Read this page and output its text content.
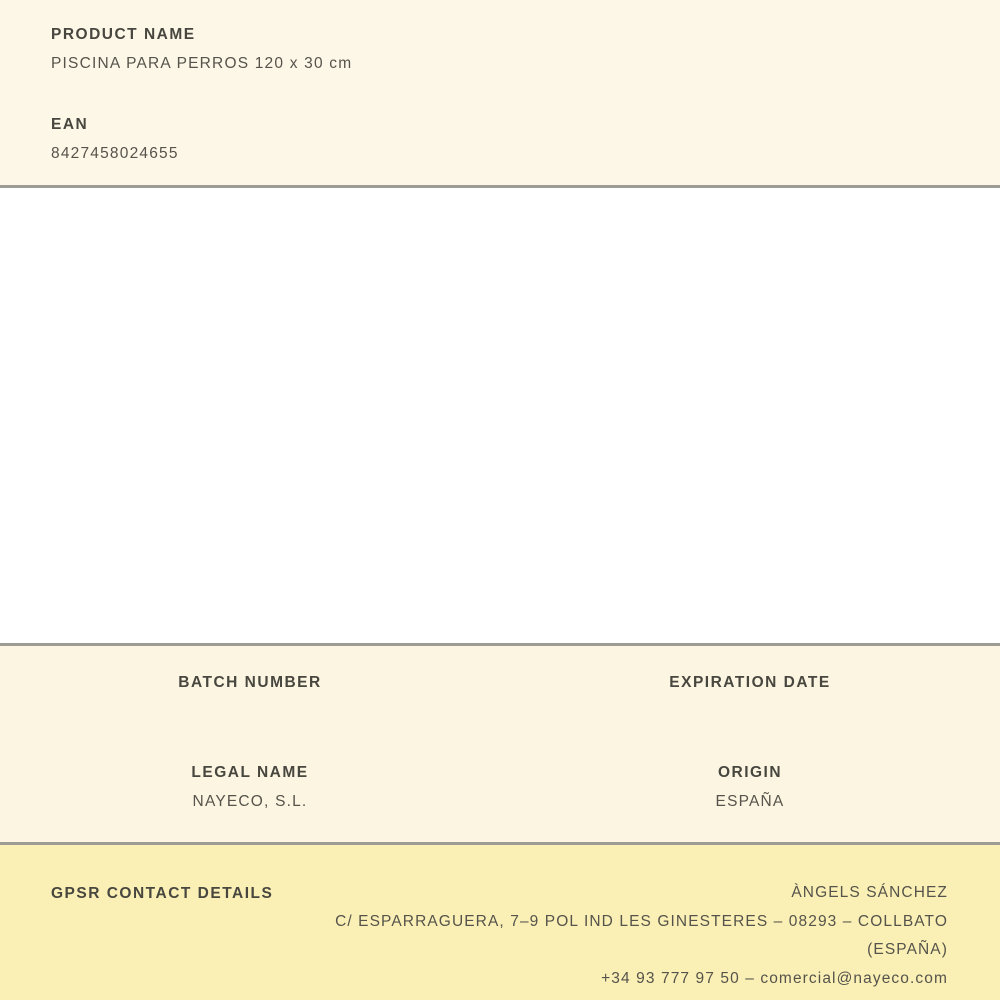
PRODUCT NAME
PISCINA PARA PERROS 120 x 30 cm
EAN
8427458024655
BATCH NUMBER
LEGAL NAME
NAYECO, S.L.
EXPIRATION DATE
ORIGIN
ESPAÑA
GPSR CONTACT DETAILS	ÀNGELS SÁNCHEZ
C/ ESPARRAGUERA, 7–9 POL IND LES GINESTERES – 08293 – COLLBATO (ESPAÑA)
+34 93 777 97 50 – comercial@nayeco.com
